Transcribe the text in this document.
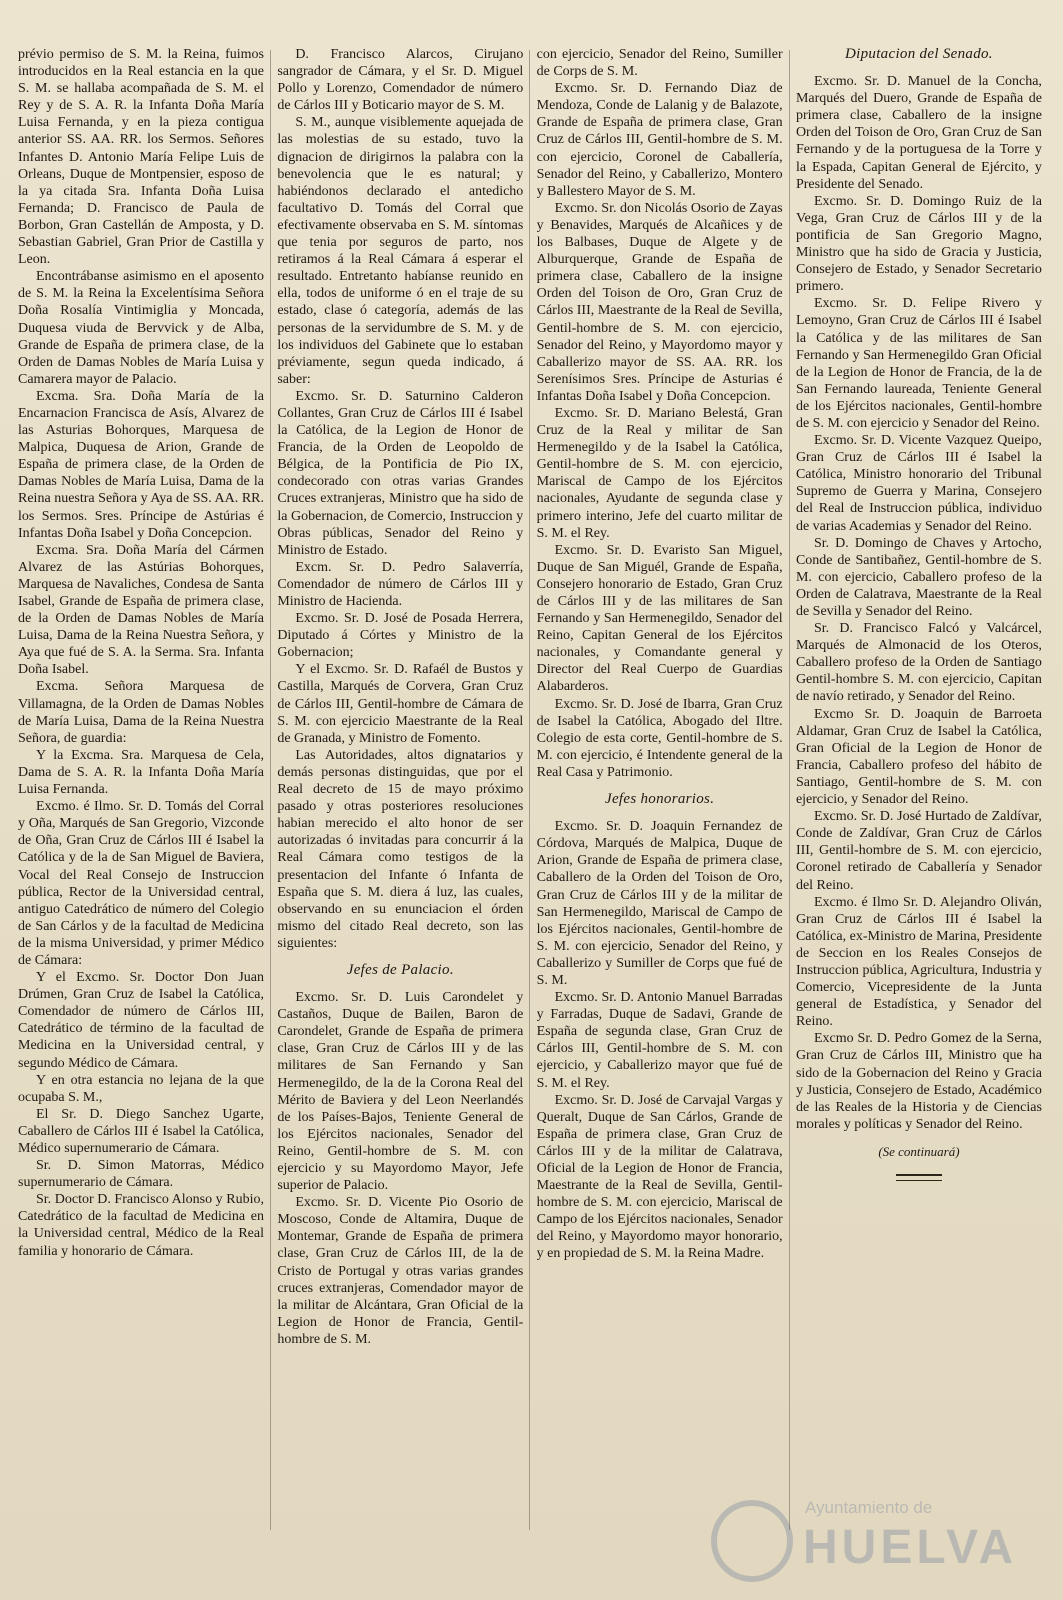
prévio permiso de S. M. la Reina, fuimos introducidos en la Real estancia en la que S. M. se hallaba acompañada de S. M. el Rey y de S. A. R. la Infanta Doña María Luisa Fernanda, y en la pieza contigua anterior SS. AA. RR. los Sermos. Señores Infantes D. Antonio María Felipe Luis de Orleans, Duque de Montpensier, esposo de la ya citada Sra. Infanta Doña Luisa Fernanda; D. Francisco de Paula de Borbon, Gran Castellán de Amposta, y D. Sebastian Gabriel, Gran Prior de Castilla y Leon.

Encontrábanse asimismo en el aposento de S. M. la Reina la Excelentísima Señora Doña Rosalía Vintimiglia y Moncada, Duquesa viuda de Bervvick y de Alba, Grande de España de primera clase, de la Orden de Damas Nobles de María Luisa y Camarera mayor de Palacio.

Excma. Sra. Doña María de la Encarnacion Francisca de Asís, Alvarez de las Asturias Bohorques, Marquesa de Malpica, Duquesa de Arion, Grande de España de primera clase, de la Orden de Damas Nobles de María Luisa, Dama de la Reina nuestra Señora y Aya de SS. AA. RR. los Sermos. Sres. Príncipe de Astúrias é Infantas Doña Isabel y Doña Concepcion.

Excma. Sra. Doña María del Cármen Alvarez de las Astúrias Bohorques, Marquesa de Navaliches, Condesa de Santa Isabel, Grande de España de primera clase, de la Orden de Damas Nobles de María Luisa, Dama de la Reina Nuestra Señora, y Aya que fué de S. A. la Serma. Sra. Infanta Doña Isabel.

Excma. Señora Marquesa de Villamagna, de la Orden de Damas Nobles de María Luisa, Dama de la Reina Nuestra Señora, de guardia:

Y la Excma. Sra. Marquesa de Cela, Dama de S. A. R. la Infanta Doña María Luisa Fernanda.

Excmo. é Ilmo. Sr. D. Tomás del Corral y Oña, Marqués de San Gregorio, Vizconde de Oña, Gran Cruz de Cárlos III é Isabel la Católica y de la de San Miguel de Baviera, Vocal del Real Consejo de Instruccion pública, Rector de la Universidad central, antiguo Catedrático de número del Colegio de San Cárlos y de la facultad de Medicina de la misma Universidad, y primer Médico de Cámara:

Y el Excmo. Sr. Doctor Don Juan Drúmen, Gran Cruz de Isabel la Católica, Comendador de número de Cárlos III, Catedrático de término de la facultad de Medicina en la Universidad central, y segundo Médico de Cámara.

Y en otra estancia no lejana de la que ocupaba S. M.,

El Sr. D. Diego Sanchez Ugarte, Caballero de Cárlos III é Isabel la Católica, Médico supernumerario de Cámara.

Sr. D. Simon Matorras, Médico supernumerario de Cámara.

Sr. Doctor D. Francisco Alonso y Rubio, Catedrático de la facultad de Medicina en la Universidad central, Médico de la Real familia y honorario de Cámara.

D. Francisco Alarcos, Cirujano sangrador de Cámara, y el Sr. D. Miguel Pollo y Lorenzo, Comendador de número de Cárlos III y Boticario mayor de S. M.

S. M., aunque visiblemente aquejada de las molestias de su estado, tuvo la dignacion de dirigirnos la palabra con la benevolencia que le es natural; y habiéndonos declarado el antedicho facultativo D. Tomás del Corral que efectivamente observaba en S. M. síntomas que tenia por seguros de parto, nos retiramos á la Real Cámara á esperar el resultado. Entretanto habíanse reunido en ella, todos de uniforme ó en el traje de su estado, clase ó categoría, además de las personas de la servidumbre de S. M. y de los individuos del Gabinete que lo estaban préviamente, segun queda indicado, á saber:

Excmo. Sr. D. Saturnino Calderon Collantes, Gran Cruz de Cárlos III é Isabel la Católica, de la Legion de Honor de Francia, de la Orden de Leopoldo de Bélgica, de la Pontificia de Pio IX, condecorado con otras varias Grandes Cruces extranjeras, Ministro que ha sido de la Gobernacion, de Comercio, Instruccion y Obras públicas, Senador del Reino y Ministro de Estado.

Excm. Sr. D. Pedro Salaverría, Comendador de número de Cárlos III y Ministro de Hacienda.

Excmo. Sr. D. José de Posada Herrera, Diputado á Córtes y Ministro de la Gobernacion;

Y el Excmo. Sr. D. Rafaél de Bustos y Castilla, Marqués de Corvera, Gran Cruz de Cárlos III, Gentil-hombre de Cámara de S. M. con ejercicio Maestrante de la Real de Granada, y Ministro de Fomento.

Las Autoridades, altos dignatarios y demás personas distinguidas, que por el Real decreto de 15 de mayo próximo pasado y otras posteriores resoluciones habian merecido el alto honor de ser autorizadas ó invitadas para concurrir á la Real Cámara como testigos de la presentacion del Infante ó Infanta de España que S. M. diera á luz, las cuales, observando en su enunciacion el órden mismo del citado Real decreto, son las siguientes:

Jefes de Palacio.

Excmo. Sr. D. Luis Carondelet y Castaños, Duque de Bailen, Baron de Carondelet, Grande de España de primera clase, Gran Cruz de Cárlos III y de las militares de San Fernando y San Hermenegildo, de la de la Corona Real del Mérito de Baviera y del Leon Neerlandés de los Países-Bajos, Teniente General de los Ejércitos nacionales, Senador del Reino, Gentil-hombre de S. M. con ejercicio y su Mayordomo Mayor, Jefe superior de Palacio.

Excmo. Sr. D. Vicente Pio Osorio de Moscoso, Conde de Altamira, Duque de Montemar, Grande de España de primera clase, Gran Cruz de Cárlos III, de la de Cristo de Portugal y otras varias grandes cruces extranjeras, Comendador mayor de la militar de Alcántara, Gran Oficial de la Legion de Honor de Francia, Gentil-hombre de S. M.

con ejercicio, Senador del Reino, Sumiller de Corps de S. M.

Excmo. Sr. D. Fernando Diaz de Mendoza, Conde de Lalanig y de Balazote, Grande de España de primera clase, Gran Cruz de Cárlos III, Gentil-hombre de S. M. con ejercicio, Coronel de Caballería, Senador del Reino, y Caballerizo, Montero y Ballestero Mayor de S. M.

Excmo. Sr. don Nicolás Osorio de Zayas y Benavides, Marqués de Alcañices y de los Balbases, Duque de Algete y de Alburquerque, Grande de España de primera clase, Caballero de la insigne Orden del Toison de Oro, Gran Cruz de Cárlos III, Maestrante de la Real de Sevilla, Gentil-hombre de S. M. con ejercicio, Senador del Reino, y Mayordomo mayor y Caballerizo mayor de SS. AA. RR. los Serenísimos Sres. Príncipe de Asturias é Infantas Doña Isabel y Doña Concepcion.

Excmo. Sr. D. Mariano Belestá, Gran Cruz de la Real y militar de San Hermenegildo y de la Isabel la Católica, Gentil-hombre de S. M. con ejercicio, Mariscal de Campo de los Ejércitos nacionales, Ayudante de segunda clase y primero interino, Jefe del cuarto militar de S. M. el Rey.

Excmo. Sr. D. Evaristo San Miguel, Duque de San Miguél, Grande de España, Consejero honorario de Estado, Gran Cruz de Cárlos III y de las militares de San Fernando y San Hermenegildo, Senador del Reino, Capitan General de los Ejércitos nacionales, y Comandante general y Director del Real Cuerpo de Guardias Alabarderos.

Excmo. Sr. D. José de Ibarra, Gran Cruz de Isabel la Católica, Abogado del Iltre. Colegio de esta corte, Gentil-hombre de S. M. con ejercicio, é Intendente general de la Real Casa y Patrimonio.

Jefes honorarios.

Excmo. Sr. D. Joaquin Fernandez de Córdova, Marqués de Malpica, Duque de Arion, Grande de España de primera clase, Caballero de la Orden del Toison de Oro, Gran Cruz de Cárlos III y de la militar de San Hermenegildo, Mariscal de Campo de los Ejércitos nacionales, Gentil-hombre de S. M. con ejercicio, Senador del Reino, y Caballerizo y Sumiller de Corps que fué de S. M.

Excmo. Sr. D. Antonio Manuel Barradas y Farradas, Duque de Sadavi, Grande de España de segunda clase, Gran Cruz de Cárlos III, Gentil-hombre de S. M. con ejercicio, y Caballerizo mayor que fué de S. M. el Rey.

Excmo. Sr. D. José de Carvajal Vargas y Queralt, Duque de San Cárlos, Grande de España de primera clase, Gran Cruz de Cárlos III y de la militar de Calatrava, Oficial de la Legion de Honor de Francia, Maestrante de la Real de Sevilla, Gentil-hombre de S. M. con ejercicio, Mariscal de Campo de los Ejércitos nacionales, Senador del Reino, y Mayordomo mayor honorario, y en propiedad de S. M. la Reina Madre.

Diputacion del Senado.

Excmo. Sr. D. Manuel de la Concha, Marqués del Duero, Grande de España de primera clase, Caballero de la insigne Orden del Toison de Oro, Gran Cruz de San Fernando y de la portuguesa de la Torre y la Espada, Capitan General de Ejército, y Presidente del Senado.

Excmo. Sr. D. Domingo Ruiz de la Vega, Gran Cruz de Cárlos III y de la pontificia de San Gregorio Magno, Ministro que ha sido de Gracia y Justicia, Consejero de Estado, y Senador Secretario primero.

Excmo. Sr. D. Felipe Rivero y Lemoyno, Gran Cruz de Cárlos III é Isabel la Católica y de las militares de San Fernando y San Hermenegildo Gran Oficial de la Legion de Honor de Francia, de la de San Fernando laureada, Teniente General de los Ejércitos nacionales, Gentil-hombre de S. M. con ejercicio y Senador del Reino.

Excmo. Sr. D. Vicente Vazquez Queipo, Gran Cruz de Cárlos III é Isabel la Católica, Ministro honorario del Tribunal Supremo de Guerra y Marina, Consejero del Real de Instruccion pública, individuo de varias Academias y Senador del Reino.

Sr. D. Domingo de Chaves y Artocho, Conde de Santibañez, Gentil-hombre de S. M. con ejercicio, Caballero profeso de la Orden de Calatrava, Maestrante de la Real de Sevilla y Senador del Reino.

Sr. D. Francisco Falcó y Valcárcel, Marqués de Almonacid de los Oteros, Caballero profeso de la Orden de Santiago Gentil-hombre S. M. con ejercicio, Capitan de navío retirado, y Senador del Reino.

Excmo Sr. D. Joaquin de Barroeta Aldamar, Gran Cruz de Isabel la Católica, Gran Oficial de la Legion de Honor de Francia, Caballero profeso del hábito de Santiago, Gentil-hombre de S. M. con ejercicio, y Senador del Reino.

Excmo. Sr. D. José Hurtado de Zaldívar, Conde de Zaldívar, Gran Cruz de Cárlos III, Gentil-hombre de S. M. con ejercicio, Coronel retirado de Caballería y Senador del Reino.

Excmo. é Ilmo Sr. D. Alejandro Oliván, Gran Cruz de Cárlos III é Isabel la Católica, ex-Ministro de Marina, Presidente de Seccion en los Reales Consejos de Instruccion pública, Agricultura, Industria y Comercio, Vicepresidente de la Junta general de Estadística, y Senador del Reino.

Excmo Sr. D. Pedro Gomez de la Serna, Gran Cruz de Cárlos III, Ministro que ha sido de la Gobernacion del Reino y Gracia y Justicia, Consejero de Estado, Académico de las Reales de la Historia y de Ciencias morales y políticas y Senador del Reino.

(Se continuará)
Ayuntamiento de
HUELVA
